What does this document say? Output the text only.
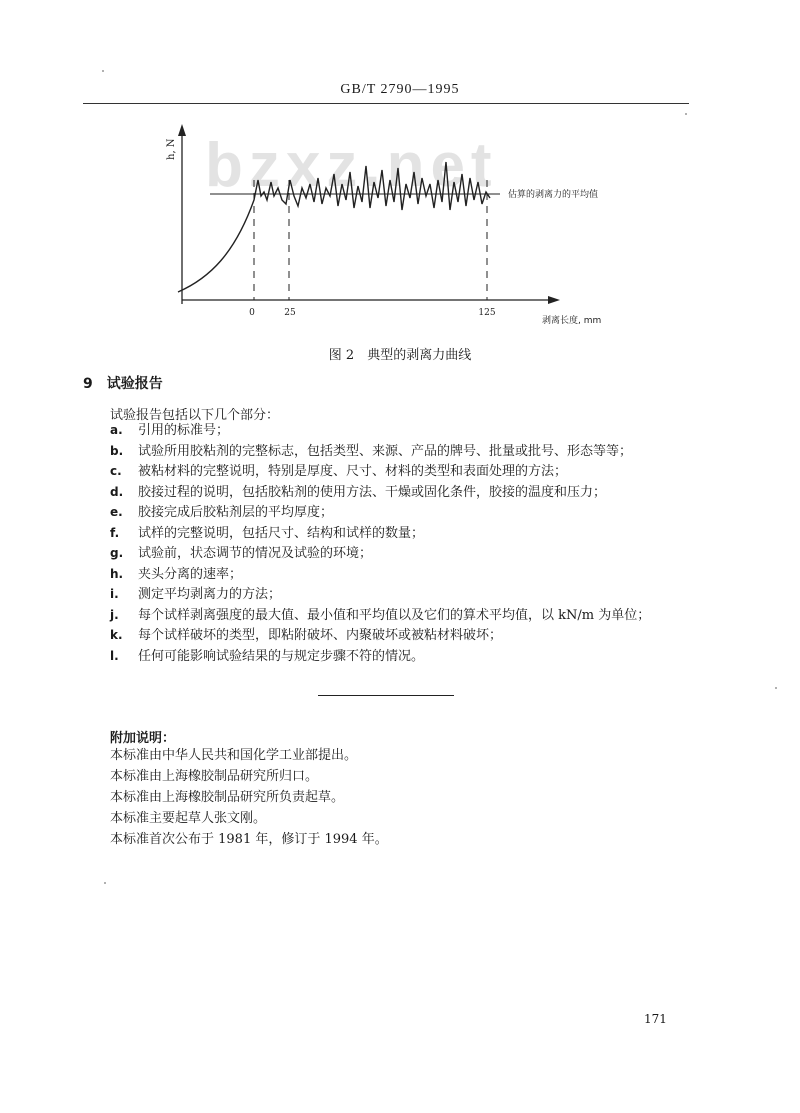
GB/T 2790—1995
bzxz.net
h, N
0	25	125
剥离长度, mm
估算的剥离力的平均值
图 2　典型的剥离力曲线
9　试验报告
试验报告包括以下几个部分：
a. 引用的标准号；
b. 试验所用胶粘剂的完整标志，包括类型、来源、产品的牌号、批量或批号、形态等等；
c. 被粘材料的完整说明，特别是厚度、尺寸、材料的类型和表面处理的方法；
d. 胶接过程的说明，包括胶粘剂的使用方法、干燥或固化条件，胶接的温度和压力；
e. 胶接完成后胶粘剂层的平均厚度；
f. 试样的完整说明，包括尺寸、结构和试样的数量；
g. 试验前，状态调节的情况及试验的环境；
h. 夹头分离的速率；
i. 测定平均剥离力的方法；
j. 每个试样剥离强度的最大值、最小值和平均值以及它们的算术平均值，以 kN/m 为单位；
k. 每个试样破坏的类型，即粘附破坏、内聚破坏或被粘材料破坏；
l. 任何可能影响试验结果的与规定步骤不符的情况。
附加说明：
本标准由中华人民共和国化学工业部提出。
本标准由上海橡胶制品研究所归口。
本标准由上海橡胶制品研究所负责起草。
本标准主要起草人张文刚。
本标准首次公布于 1981 年，修订于 1994 年。
171
